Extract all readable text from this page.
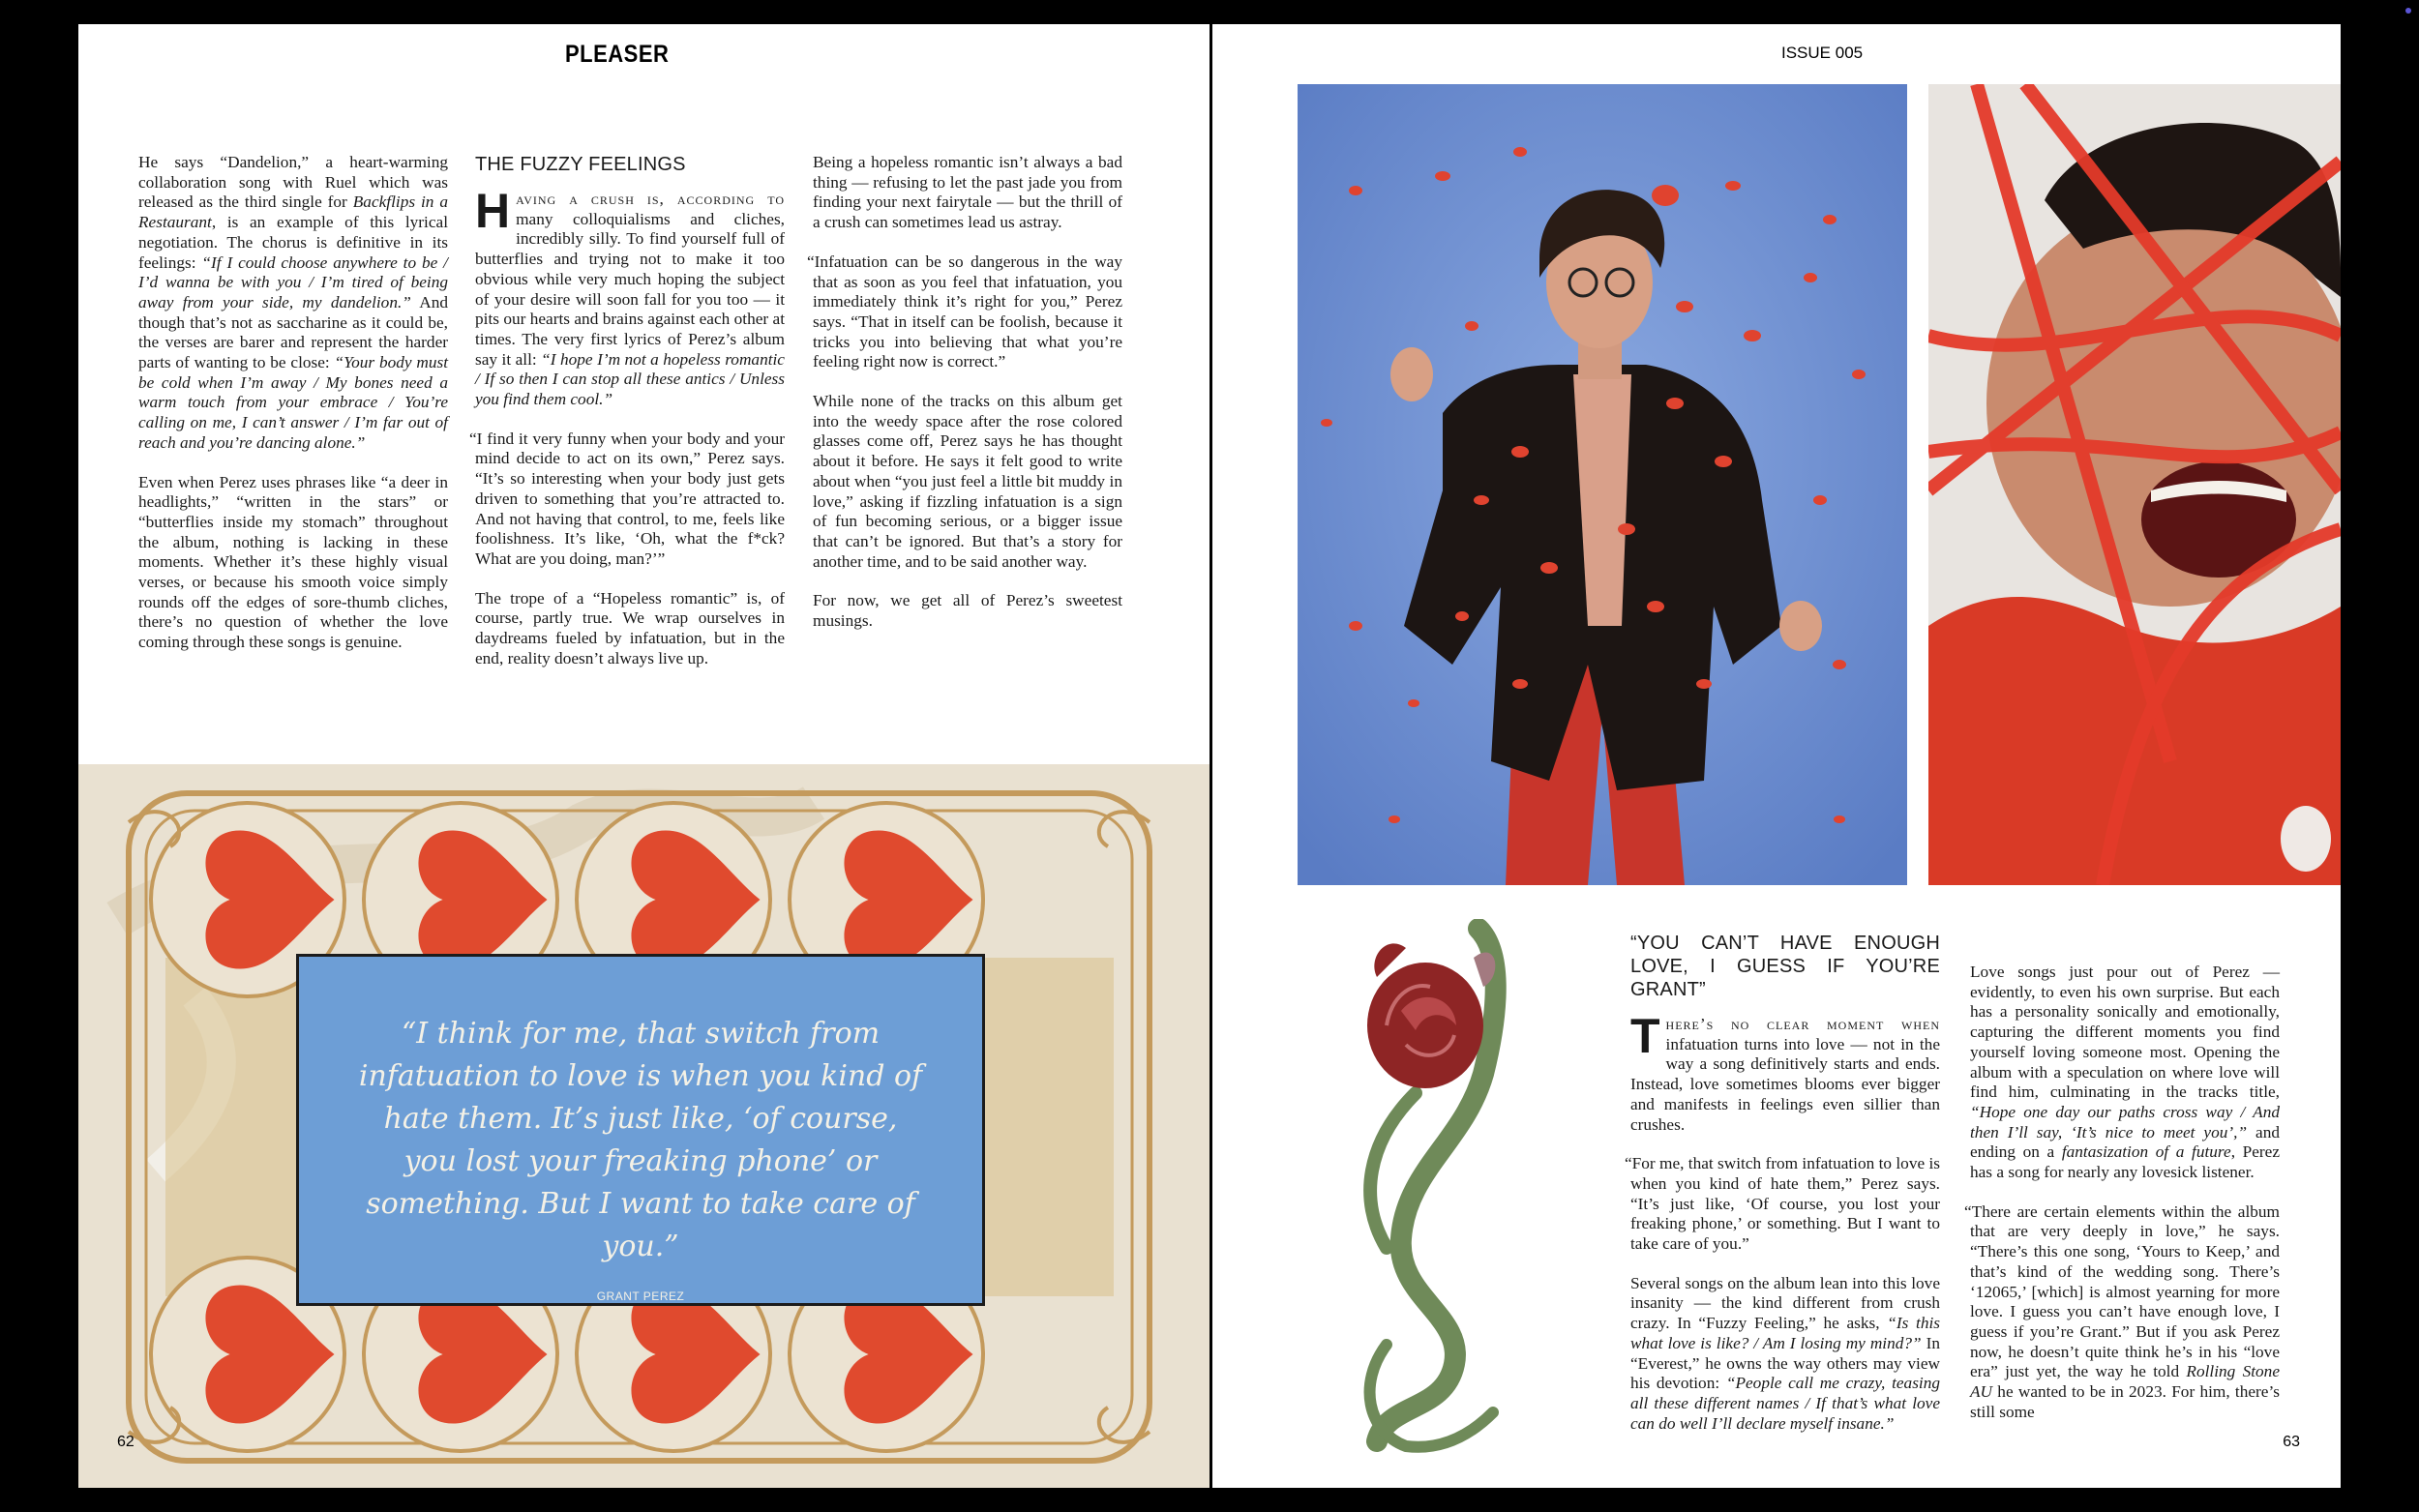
PLEASER

He says “Dandelion,” a heart-warming collaboration song with Ruel which was released as the third single for Backflips in a Restaurant, is an example of this lyrical negotiation. The chorus is definitive in its feelings: “If I could choose anywhere to be / I’d wanna be with you / I’m tired of being away from your side, my dandelion.” And though that’s not as saccharine as it could be, the verses are barer and represent the harder parts of wanting to be close: “Your body must be cold when I’m away / My bones need a warm touch from your embrace / You’re calling on me, I can’t answer / I’m far out of reach and you’re dancing alone.”

Even when Perez uses phrases like “a deer in headlights,” “written in the stars” or “butterflies inside my stomach” throughout the album, nothing is lacking in these moments. Whether it’s these highly visual verses, or because his smooth voice simply rounds off the edges of sore-thumb cliches, there’s no question of whether the love coming through these songs is genuine.

THE FUZZY FEELINGS

Having a crush is, according to many colloquialisms and cliches, incredibly silly. To find yourself full of butterflies and trying not to make it too obvious while very much hoping the subject of your desire will soon fall for you too — it pits our hearts and brains against each other at times. The very first lyrics of Perez’s album say it all: “I hope I’m not a hopeless romantic / If so then I can stop all these antics / Unless you find them cool.”

“I find it very funny when your body and your mind decide to act on its own,” Perez says. “It’s so interesting when your body just gets driven to something that you’re attracted to. And not having that control, to me, feels like foolishness. It’s like, ‘Oh, what the f*ck? What are you doing, man?’”

The trope of a “Hopeless romantic” is, of course, partly true. We wrap ourselves in daydreams fueled by infatuation, but in the end, reality doesn’t always live up.

Being a hopeless romantic isn’t always a bad thing — refusing to let the past jade you from finding your next fairytale — but the thrill of a crush can sometimes lead us astray.

“Infatuation can be so dangerous in the way that as soon as you feel that infatuation, you immediately think it’s right for you,” Perez says. “That in itself can be foolish, because it tricks you into believing that what you’re feeling right now is correct.”

While none of the tracks on this album get into the weedy space after the rose colored glasses come off, Perez says he has thought about it before. He says it felt good to write about when “you just feel a little bit muddy in love,” asking if fizzling infatuation is a sign of fun becoming serious, or a bigger issue that can’t be ignored. But that’s a story for another time, and to be said another way.

For now, we get all of Perez’s sweetest musings.

“I think for me, that switch from infatuation to love is when you kind of hate them. It’s just like, ‘of course, you lost your freaking phone’ or something. But I want to take care of you.”
GRANT PEREZ
62
ISSUE 005
“YOU CAN’T HAVE ENOUGH LOVE, I GUESS IF YOU’RE GRANT”

There’s no clear moment when infatuation turns into love — not in the way a song definitively starts and ends. Instead, love sometimes blooms ever bigger and manifests in feelings even sillier than crushes.

“For me, that switch from infatuation to love is when you kind of hate them,” Perez says. “It’s just like, ‘Of course, you lost your freaking phone,’ or something. But I want to take care of you.”

Several songs on the album lean into this love insanity — the kind different from crush crazy. In “Fuzzy Feeling,” he asks, “Is this what love is like? / Am I losing my mind?” In “Everest,” he owns the way others may view his devotion: “People call me crazy, teasing all these different names / If that’s what love can do well I’ll declare myself insane.”

Love songs just pour out of Perez — evidently, to even his own surprise. But each has a personality sonically and emotionally, capturing the different moments you find yourself loving someone most. Opening the album with a speculation on where love will find him, culminating in the tracks title, “Hope one day our paths cross way / And then I’ll say, ‘It’s nice to meet you’,” and ending on a fantasization of a future, Perez has a song for nearly any lovesick listener.

“There are certain elements within the album that are very deeply in love,” he says. “There’s this one song, ‘Yours to Keep,’ and that’s kind of the wedding song. There’s ‘12065,’ [which] is almost yearning for more love. I guess you can’t have enough love, I guess if you’re Grant.” But if you ask Perez now, he doesn’t quite think he’s in his “love era” just yet, the way he told Rolling Stone AU he wanted to be in 2023. For him, there’s still some

63
